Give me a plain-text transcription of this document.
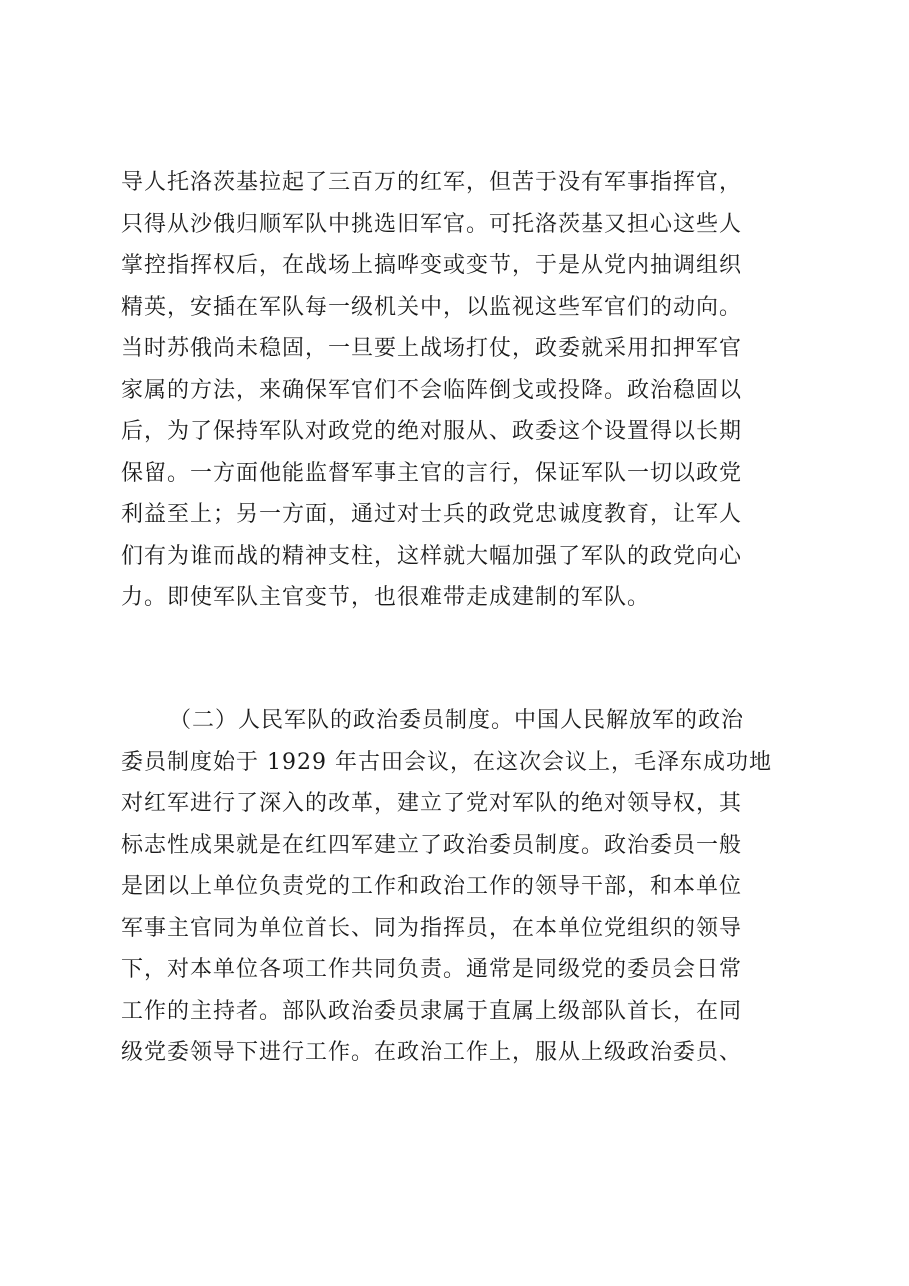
导人托洛茨基拉起了三百万的红军，但苦于没有军事指挥官，
只得从沙俄归顺军队中挑选旧军官。可托洛茨基又担心这些人
掌控指挥权后，在战场上搞哗变或变节，于是从党内抽调组织
精英，安插在军队每一级机关中，以监视这些军官们的动向。
当时苏俄尚未稳固，一旦要上战场打仗，政委就采用扣押军官
家属的方法，来确保军官们不会临阵倒戈或投降。政治稳固以
后，为了保持军队对政党的绝对服从、政委这个设置得以长期
保留。一方面他能监督军事主官的言行，保证军队一切以政党
利益至上；另一方面，通过对士兵的政党忠诚度教育，让军人
们有为谁而战的精神支柱，这样就大幅加强了军队的政党向心
力。即使军队主官变节，也很难带走成建制的军队。
（二）人民军队的政治委员制度。中国人民解放军的政治
委员制度始于 1929 年古田会议，在这次会议上，毛泽东成功地
对红军进行了深入的改革，建立了党对军队的绝对领导权，其
标志性成果就是在红四军建立了政治委员制度。政治委员一般
是团以上单位负责党的工作和政治工作的领导干部，和本单位
军事主官同为单位首长、同为指挥员，在本单位党组织的领导
下，对本单位各项工作共同负责。通常是同级党的委员会日常
工作的主持者。部队政治委员隶属于直属上级部队首长，在同
级党委领导下进行工作。在政治工作上，服从上级政治委员、
